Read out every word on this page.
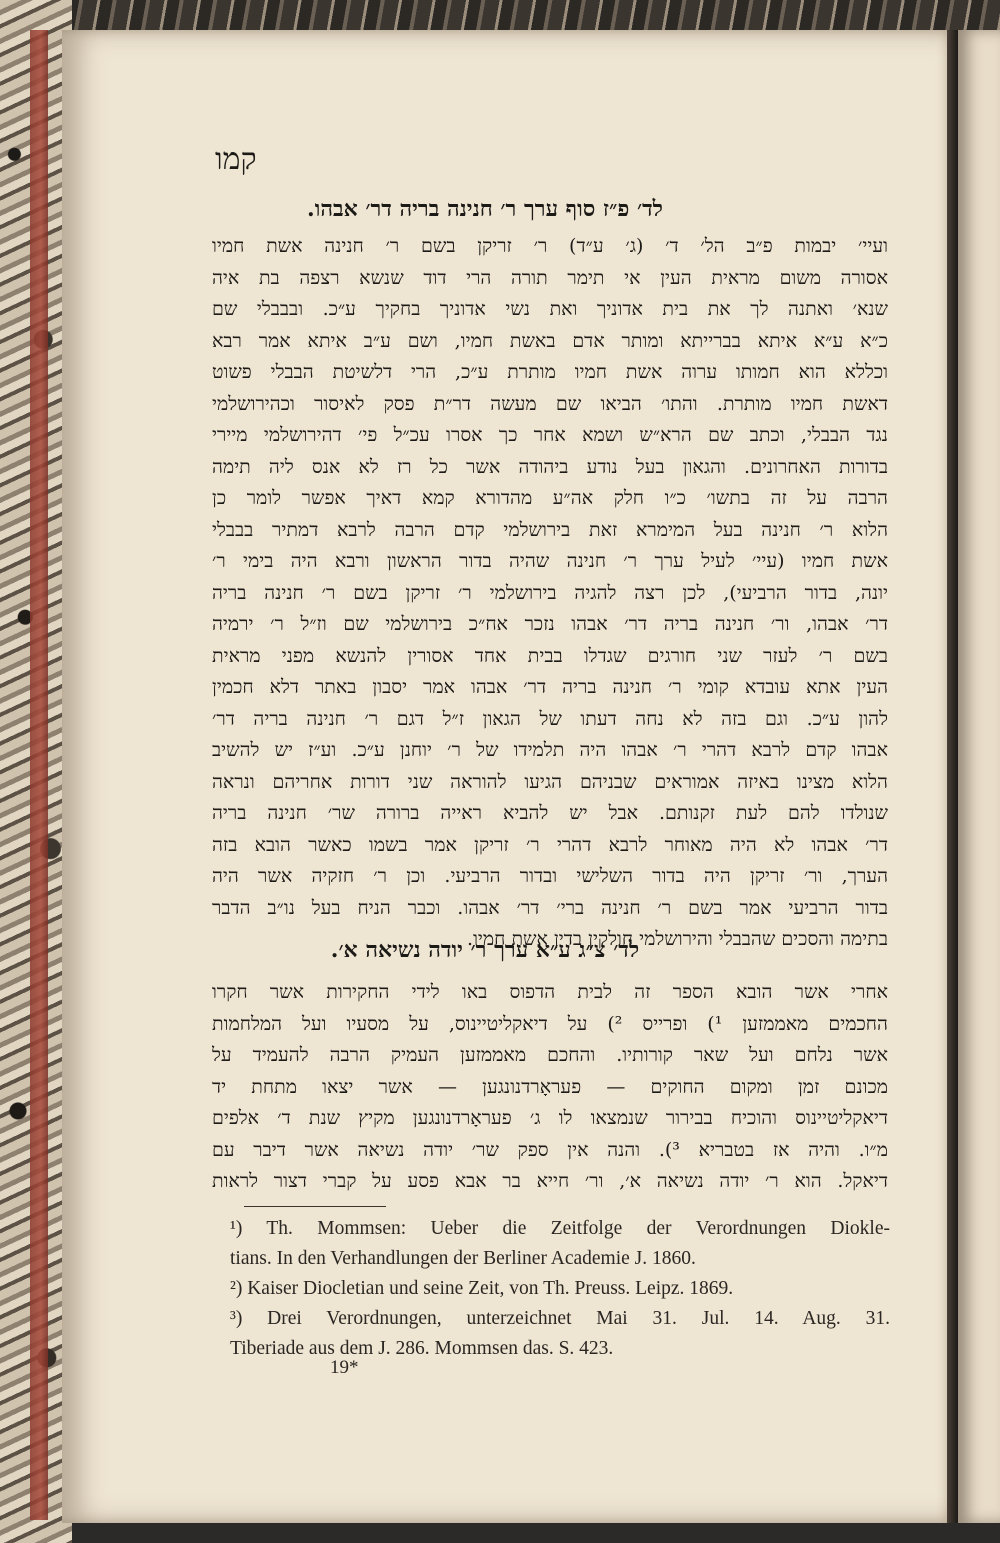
קמו
לד׳ פ״ז סוף ערך ר׳ חנינה בריה דר׳ אבהו.
ועיי׳ יבמות פ״ב הל׳ ד׳ (ג׳ ע״ד) ר׳ זריקן בשם ר׳ חנינה אשת חמיו
אסורה משום מראית העין אי תימר תורה הרי דוד שנשא רצפה בת איה
שנא׳ ואתנה לך את בית אדוניך ואת נשי אדוניך בחקיך ע״כ. ובבבלי שם
כ״א ע״א איתא בברייתא ומותר אדם באשת חמיו, ושם ע״ב איתא אמר רבא
וכללא הוא חמותו ערוה אשת חמיו מותרת ע״כ, הרי דלשיטת הבבלי פשוט
דאשת חמיו מותרת. והתו׳ הביאו שם מעשה דר״ת פסק לאיסור וכהירושלמי
נגד הבבלי, וכתב שם הרא״ש ושמא אחר כך אסרו עכ״ל פי׳ דהירושלמי מיירי
בדורות האחרונים. והגאון בעל נודע ביהודה אשר כל רז לא אנס ליה תימה
הרבה על זה בתשו׳ כ״ו חלק אה״ע מהדורא קמא דאיך אפשר לומר כן
הלוא ר׳ חנינה בעל המימרא זאת בירושלמי קדם הרבה לרבא דמתיר בבבלי
אשת חמיו (עיי׳ לעיל ערך ר׳ חנינה שהיה בדור הראשון ורבא היה בימי ר׳
יונה, בדור הרביעי), לכן רצה להגיה בירושלמי ר׳ זריקן בשם ר׳ חנינה בריה
דר׳ אבהו, ור׳ חנינה בריה דר׳ אבהו נזכר אח״כ בירושלמי שם וז״ל ר׳ ירמיה
בשם ר׳ לעזר שני חורגים שגדלו בבית אחד אסורין להנשא מפני מראית
העין אתא עובדא קומי ר׳ חנינה בריה דר׳ אבהו אמר יסבון באתר דלא חכמין
להון ע״כ. וגם בזה לא נחה דעתו של הגאון ז״ל דגם ר׳ חנינה בריה דר׳
אבהו קדם לרבא דהרי ר׳ אבהו היה תלמידו של ר׳ יוחנן ע״כ. וע״ז יש להשיב
הלוא מצינו באיזה אמוראים שבניהם הגיעו להוראה שני דורות אחריהם ונראה
שנולדו להם לעת זקנותם. אבל יש להביא ראייה ברורה שר׳ חנינה בריה
דר׳ אבהו לא היה מאוחר לרבא דהרי ר׳ זריקן אמר בשמו כאשר הובא בזה
הערך, ור׳ זריקן היה בדור השלישי ובדור הרביעי. וכן ר׳ חזקיה אשר היה
בדור הרביעי אמר בשם ר׳ חנינה ברי׳ דר׳ אבהו. וכבר הניח בעל נו״ב הדבר
בתימה והסכים שהבבלי והירושלמי חולקין בדין אשת חמיו.
לד׳ צ״ג ע״א ערך ר׳ יודה נשיאה א׳.
אחרי אשר הובא הספר זה לבית הדפוס באו לידי החקירות אשר חקרו
החכמים מאממזען ¹) ופרייס ²) על דיאקליטיינוס, על מסעיו ועל המלחמות
אשר נלחם ועל שאר קורותיו. והחכם מאממזען העמיק הרבה להעמיד על
מכונם זמן ומקום החוקים — פעראָרדנונגען — אשר יצאו מתחת יד
דיאקליטיינוס והוכיח בבירור שנמצאו לו ג׳ פעראָרדנונגען מקיץ שנת ד׳ אלפים
מ״ו. והיה אז בטבריא ³). והנה אין ספק שר׳ יודה נשיאה אשר דיבר עם
דיאקל. הוא ר׳ יודה נשיאה א׳, ור׳ חייא בר אבא פסע על קברי דצור לראות
¹) Th. Mommsen: Ueber die Zeitfolge der Verordnungen Diokle-
tians. In den Verhandlungen der Berliner Academie J. 1860.
²) Kaiser Diocletian und seine Zeit, von Th. Preuss. Leipz. 1869.
³) Drei Verordnungen, unterzeichnet Mai 31. Jul. 14. Aug. 31.
Tiberiade aus dem J. 286. Mommsen das. S. 423.
19*
